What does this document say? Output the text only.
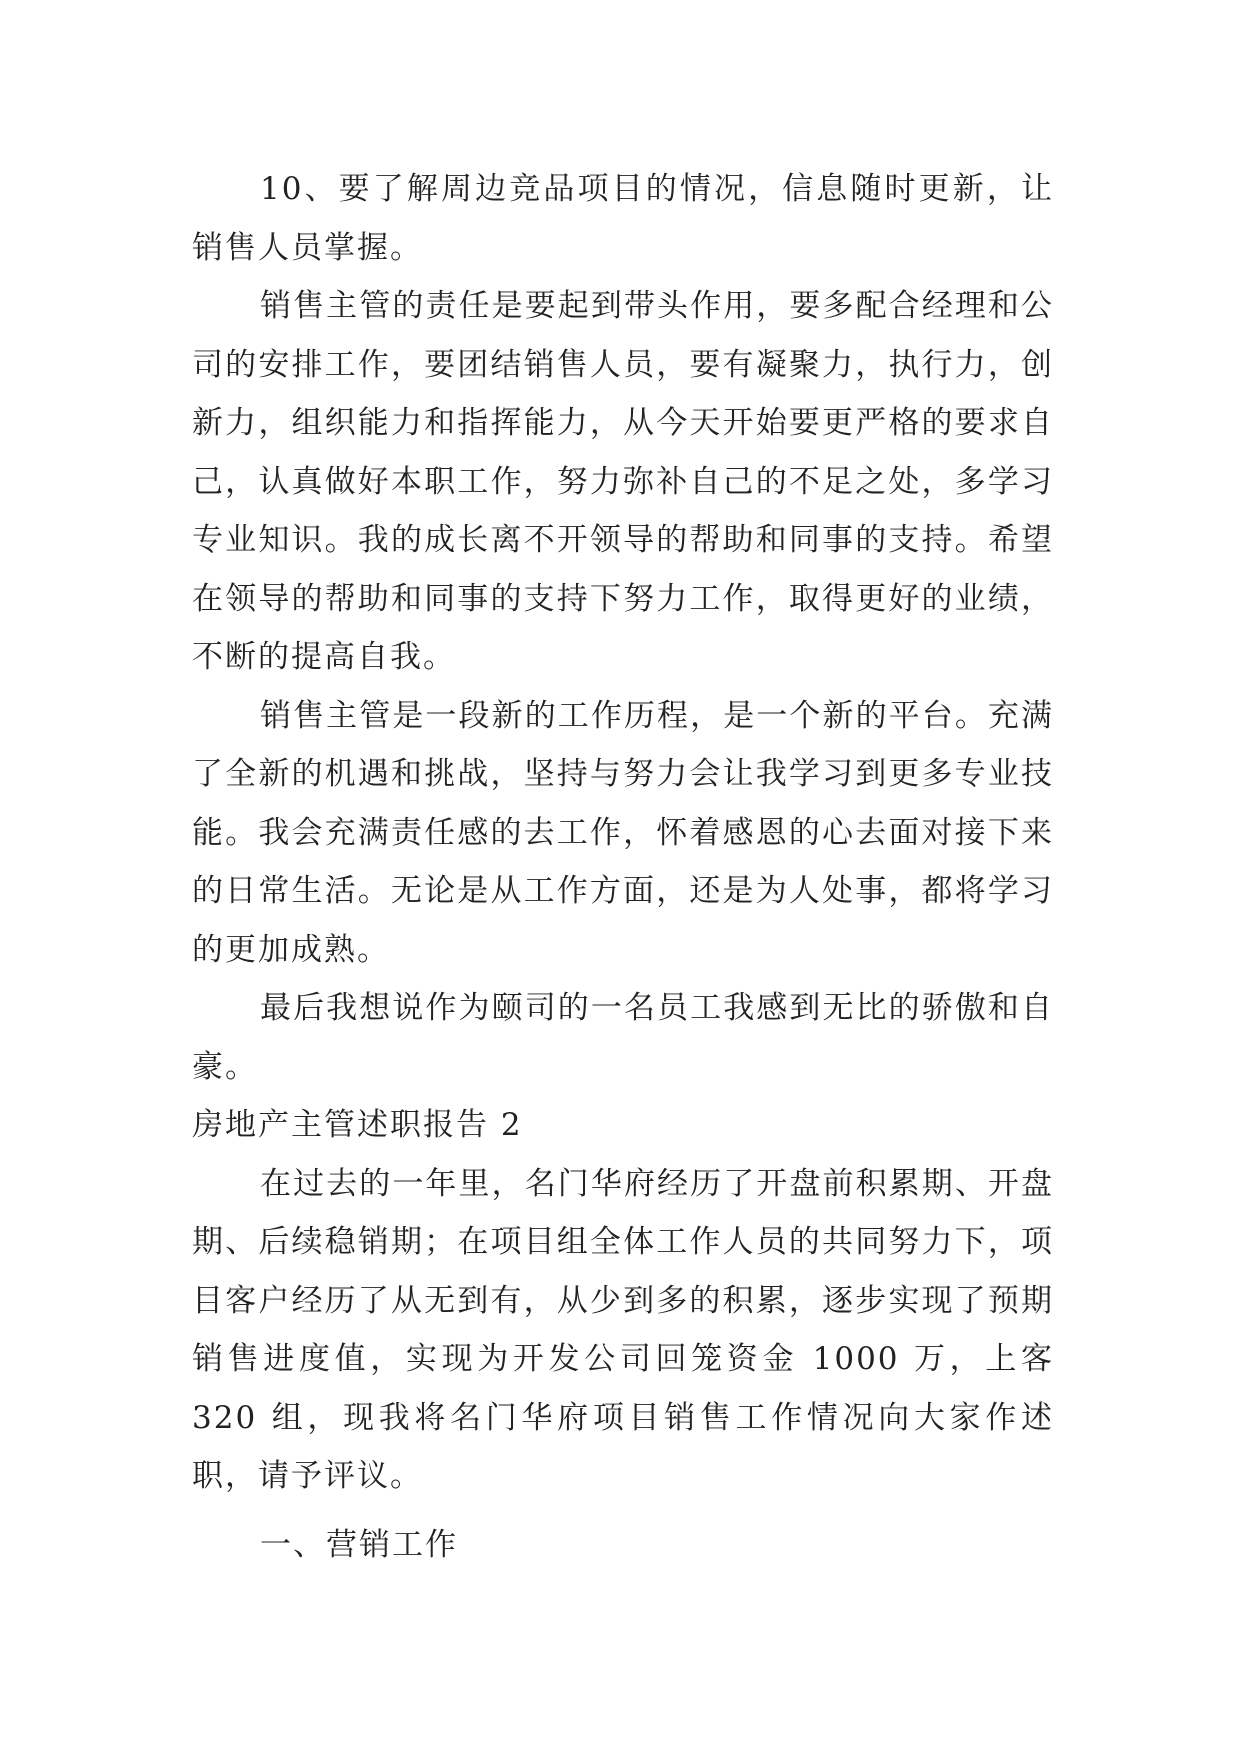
10、要了解周边竞品项目的情况，信息随时更新，让销售人员掌握。

销售主管的责任是要起到带头作用，要多配合经理和公司的安排工作，要团结销售人员，要有凝聚力，执行力，创新力，组织能力和指挥能力，从今天开始要更严格的要求自己，认真做好本职工作，努力弥补自己的不足之处，多学习专业知识。我的成长离不开领导的帮助和同事的支持。希望在领导的帮助和同事的支持下努力工作，取得更好的业绩，不断的提高自我。

销售主管是一段新的工作历程，是一个新的平台。充满了全新的机遇和挑战，坚持与努力会让我学习到更多专业技能。我会充满责任感的去工作，怀着感恩的心去面对接下来的日常生活。无论是从工作方面，还是为人处事，都将学习的更加成熟。

最后我想说作为颐司的一名员工我感到无比的骄傲和自豪。

房地产主管述职报告 2

在过去的一年里，名门华府经历了开盘前积累期、开盘期、后续稳销期；在项目组全体工作人员的共同努力下，项目客户经历了从无到有，从少到多的积累，逐步实现了预期销售进度值，实现为开发公司回笼资金 1000 万，上客 320 组，现我将名门华府项目销售工作情况向大家作述职，请予评议。

一、营销工作
